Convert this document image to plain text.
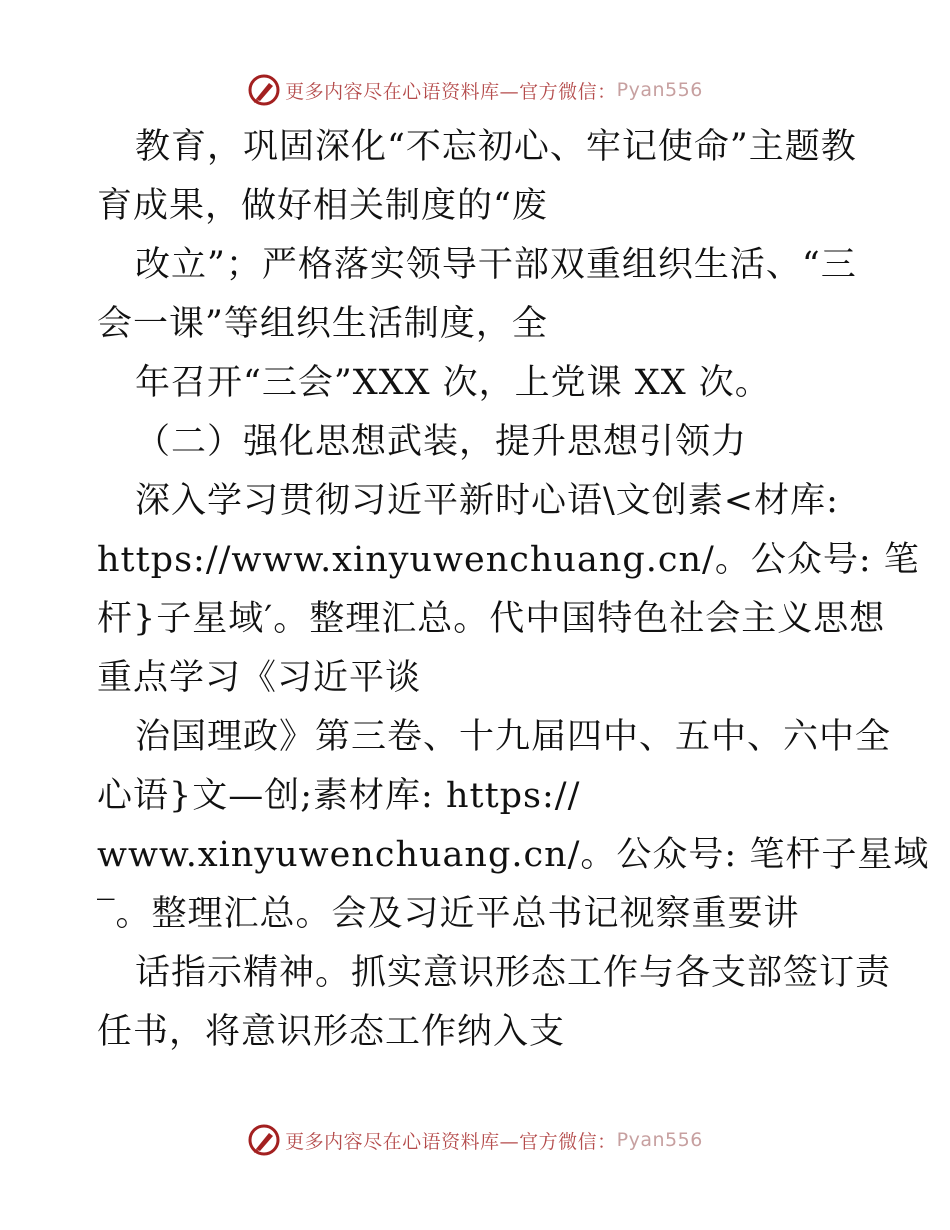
更多内容尽在心语资料库—官方微信： Pyan556
教育，巩固深化“不忘初心、牢记使命”主题教
育成果，做好相关制度的“废
改立”；严格落实领导干部双重组织生活、“三
会一课”等组织生活制度，全
年召开“三会”XXX 次，上党课 XX 次。
（二）强化思想武装，提升思想引领力
深入学习贯彻习近平新时心语\文创素<材库:
https://www.xinyuwenchuang.cn/。公众号: 笔
杆}子星域′。整理汇总。代中国特色社会主义思想
重点学习《习近平谈
治国理政》第三卷、十九届四中、五中、六中全
心语}文—创;素材库: https://
www.xinyuwenchuang.cn/。公众号: 笔杆子星域
‾。整理汇总。会及习近平总书记视察重要讲
话指示精神。抓实意识形态工作与各支部签订责
任书，将意识形态工作纳入支
更多内容尽在心语资料库—官方微信： Pyan556
